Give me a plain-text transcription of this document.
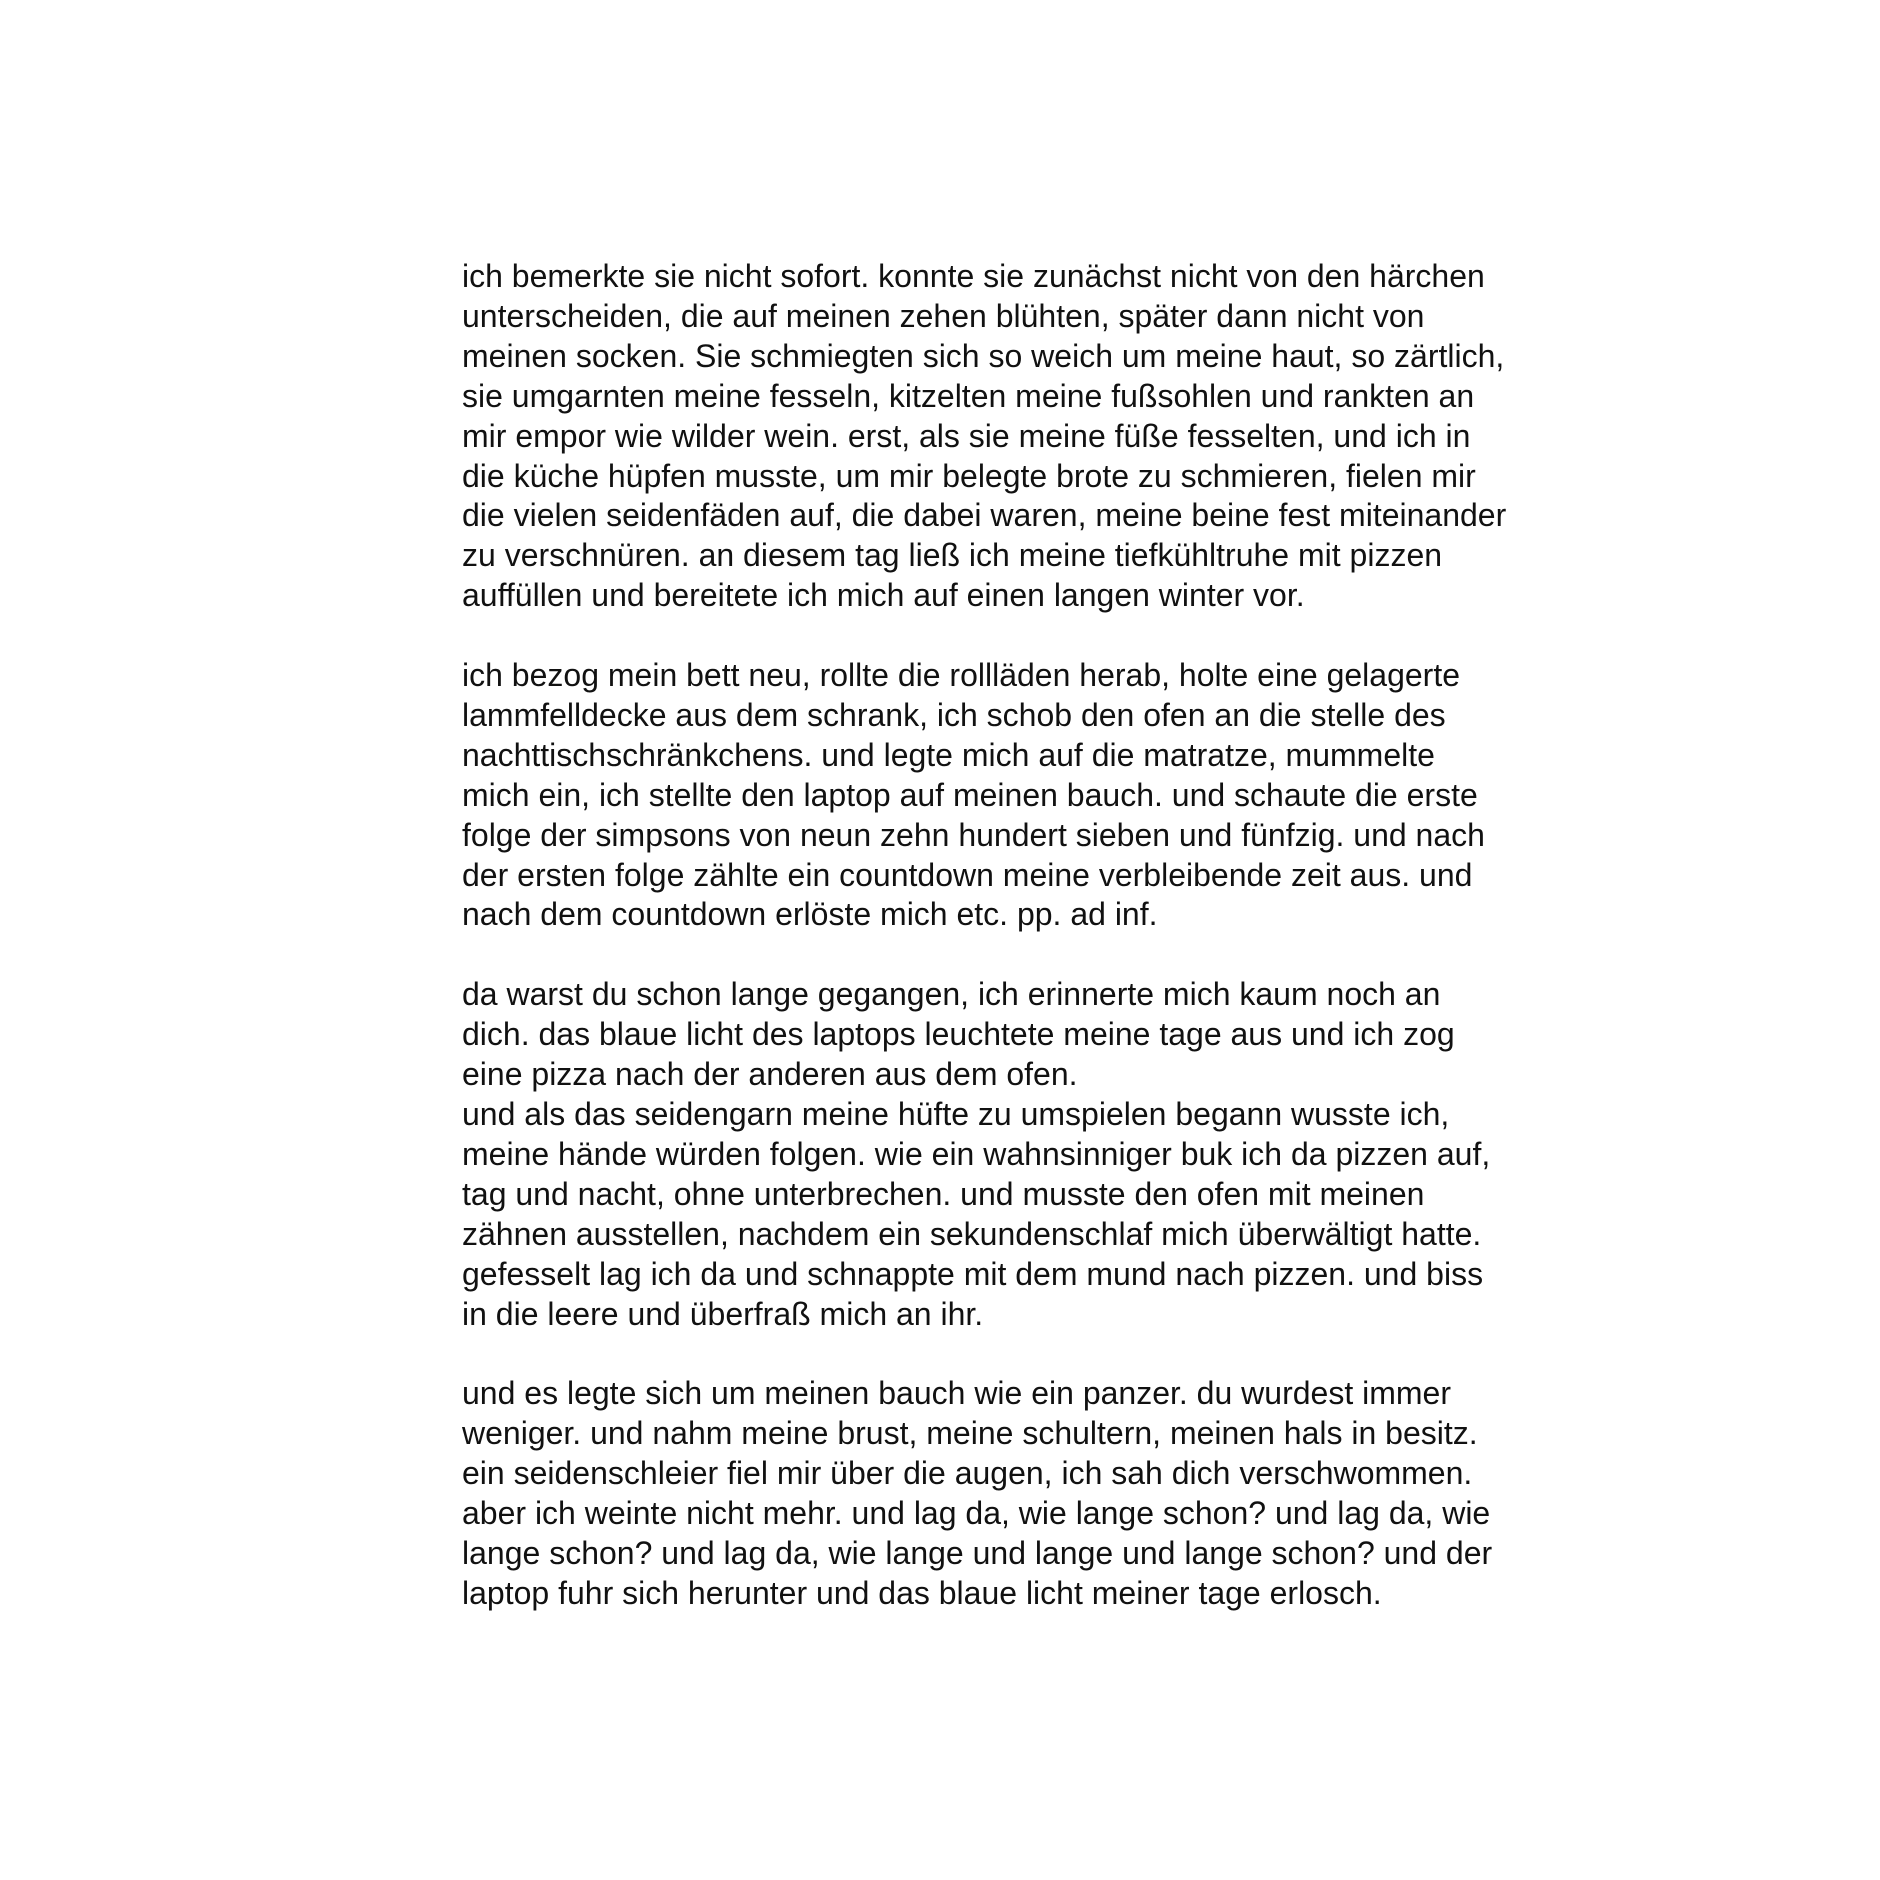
ich bemerkte sie nicht sofort. konnte sie zunächst nicht von den härchen
unterscheiden, die auf meinen zehen blühten, später dann nicht von
meinen socken. Sie schmiegten sich so weich um meine haut, so zärtlich,
sie umgarnten meine fesseln, kitzelten meine fußsohlen und rankten an
mir empor wie wilder wein. erst, als sie meine füße fesselten, und ich in
die küche hüpfen musste, um mir belegte brote zu schmieren, fielen mir
die vielen seidenfäden auf, die dabei waren, meine beine fest miteinander
zu verschnüren. an diesem tag ließ ich meine tiefkühltruhe mit pizzen
auffüllen und bereitete ich mich auf einen langen winter vor.

ich bezog mein bett neu, rollte die rollläden herab, holte eine gelagerte
lammfelldecke aus dem schrank, ich schob den ofen an die stelle des
nachttischschränkchens. und legte mich auf die matratze, mummelte
mich ein, ich stellte den laptop auf meinen bauch. und schaute die erste
folge der simpsons von neun zehn hundert sieben und fünfzig. und nach
der ersten folge zählte ein countdown meine verbleibende zeit aus. und
nach dem countdown erlöste mich etc. pp. ad inf.

da warst du schon lange gegangen, ich erinnerte mich kaum noch an
dich. das blaue licht des laptops leuchtete meine tage aus und ich zog
eine pizza nach der anderen aus dem ofen.
und als das seidengarn meine hüfte zu umspielen begann wusste ich,
meine hände würden folgen. wie ein wahnsinniger buk ich da pizzen auf,
tag und nacht, ohne unterbrechen. und musste den ofen mit meinen
zähnen ausstellen, nachdem ein sekundenschlaf mich überwältigt hatte.
gefesselt lag ich da und schnappte mit dem mund nach pizzen. und biss
in die leere und überfraß mich an ihr.

und es legte sich um meinen bauch wie ein panzer. du wurdest immer
weniger. und nahm meine brust, meine schultern, meinen hals in besitz.
ein seidenschleier fiel mir über die augen, ich sah dich verschwommen.
aber ich weinte nicht mehr. und lag da, wie lange schon? und lag da, wie
lange schon? und lag da, wie lange und lange und lange schon? und der
laptop fuhr sich herunter und das blaue licht meiner tage erlosch.
